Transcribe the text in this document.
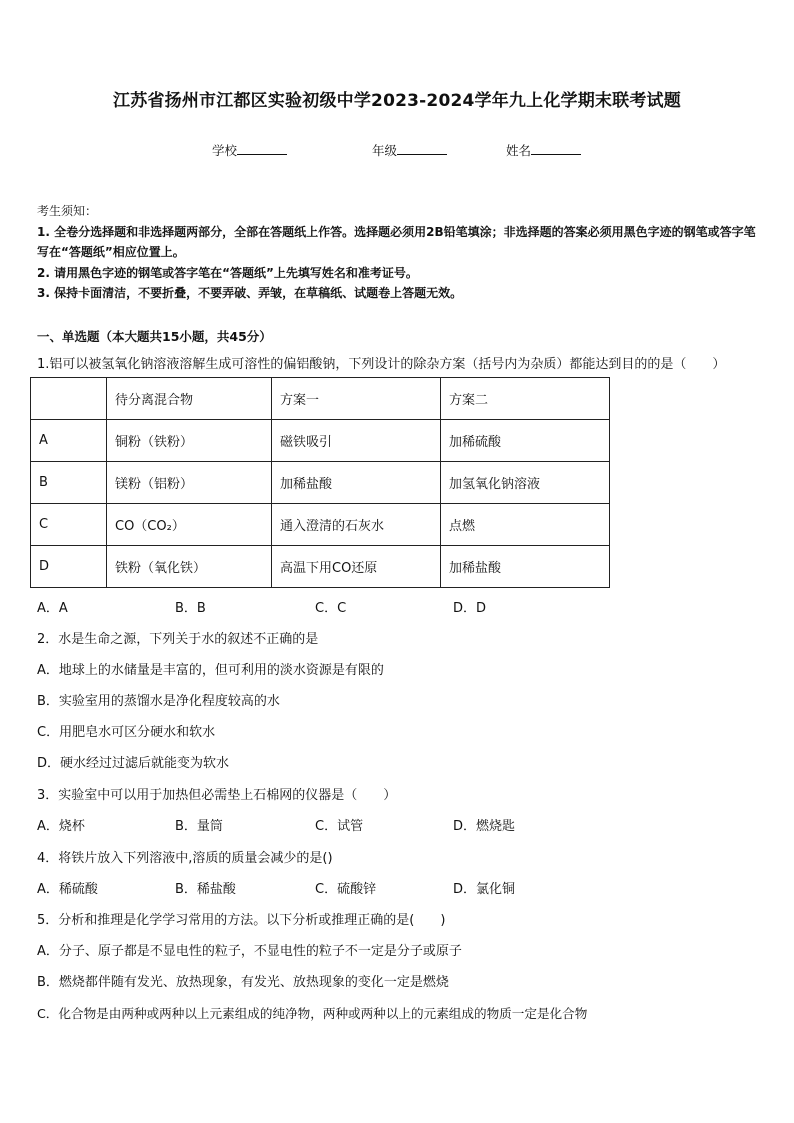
江苏省扬州市江都区实验初级中学2023-2024学年九上化学期末联考试题
学校	年级	姓名
考生须知：
1. 全卷分选择题和非选择题两部分，全部在答题纸上作答。选择题必须用2B铅笔填涂；非选择题的答案必须用黑色字迹的钢笔或答字笔写在“答题纸”相应位置上。
2. 请用黑色字迹的钢笔或答字笔在“答题纸”上先填写姓名和准考证号。
3. 保持卡面清洁，不要折叠，不要弄破、弄皱，在草稿纸、试题卷上答题无效。
一、单选题（本大题共15小题，共45分）
1.铝可以被氢氧化钠溶液溶解生成可溶性的偏铝酸钠，下列设计的除杂方案（括号内为杂质）都能达到目的的是（　　）
	待分离混合物	方案一	方案二
A	铜粉（铁粉）	磁铁吸引	加稀硫酸
B	镁粉（铝粉）	加稀盐酸	加氢氧化钠溶液
C	CO（CO₂）	通入澄清的石灰水	点燃
D	铁粉（氧化铁）	高温下用CO还原	加稀盐酸
A．A	B．B	C．C	D．D
2．水是生命之源，下列关于水的叙述不正确的是
A．地球上的水储量是丰富的，但可利用的淡水资源是有限的
B．实验室用的蒸馏水是净化程度较高的水
C．用肥皂水可区分硬水和软水
D．硬水经过过滤后就能变为软水
3．实验室中可以用于加热但必需垫上石棉网的仪器是（　　）
A．烧杯	B．量筒	C．试管	D．燃烧匙
4．将铁片放入下列溶液中,溶质的质量会减少的是()
A．稀硫酸	B．稀盐酸	C．硫酸锌	D．氯化铜
5．分析和推理是化学学习常用的方法。以下分析或推理正确的是(　　)
A．分子、原子都是不显电性的粒子，不显电性的粒子不一定是分子或原子
B．燃烧都伴随有发光、放热现象，有发光、放热现象的变化一定是燃烧
C．化合物是由两种或两种以上元素组成的纯净物，两种或两种以上的元素组成的物质一定是化合物
